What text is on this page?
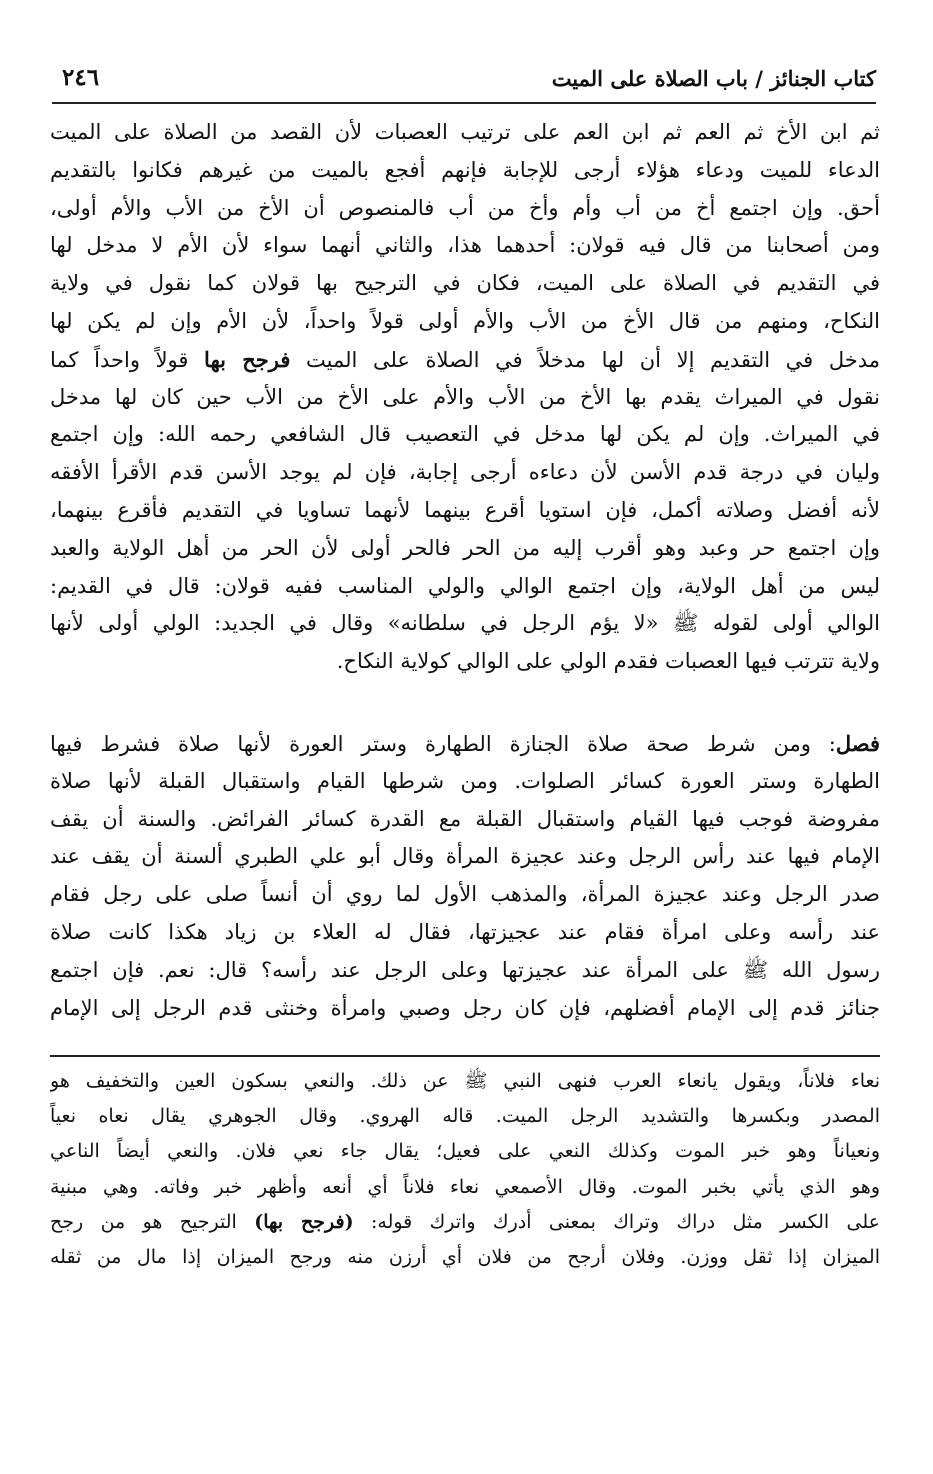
كتاب الجنائز / باب الصلاة على الميت
٢٤٦
ثم ابن الأخ ثم العم ثم ابن العم على ترتيب العصبات لأن القصد من الصلاة على الميت
الدعاء للميت ودعاء هؤلاء أرجى للإجابة فإنهم أفجع بالميت من غيرهم فكانوا بالتقديم
أحق. وإن اجتمع أخ من أب وأم وأخ من أب فالمنصوص أن الأخ من الأب والأم أولى،
ومن أصحابنا من قال فيه قولان: أحدهما هذا، والثاني أنهما سواء لأن الأم لا مدخل لها
في التقديم في الصلاة على الميت، فكان في الترجيح بها قولان كما نقول في ولاية
النكاح، ومنهم من قال الأخ من الأب والأم أولى قولاً واحداً، لأن الأم وإن لم يكن لها
مدخل في التقديم إلا أن لها مدخلاً في الصلاة على الميت فرجح بها قولاً واحداً كما
نقول في الميراث يقدم بها الأخ من الأب والأم على الأخ من الأب حين كان لها مدخل
في الميراث. وإن لم يكن لها مدخل في التعصيب قال الشافعي رحمه الله: وإن اجتمع
وليان في درجة قدم الأسن لأن دعاءه أرجى إجابة، فإن لم يوجد الأسن قدم الأقرأ الأفقه
لأنه أفضل وصلاته أكمل، فإن استويا أقرع بينهما لأنهما تساويا في التقديم فأقرع بينهما،
وإن اجتمع حر وعبد وهو أقرب إليه من الحر فالحر أولى لأن الحر من أهل الولاية والعبد
ليس من أهل الولاية، وإن اجتمع الوالي والولي المناسب ففيه قولان: قال في القديم:
الوالي أولى لقوله ﷺ «لا يؤم الرجل في سلطانه» وقال في الجديد: الولي أولى لأنها
ولاية تترتب فيها العصبات فقدم الولي على الوالي كولاية النكاح.
فصل: ومن شرط صحة صلاة الجنازة الطهارة وستر العورة لأنها صلاة فشرط فيها
الطهارة وستر العورة كسائر الصلوات. ومن شرطها القيام واستقبال القبلة لأنها صلاة
مفروضة فوجب فيها القيام واستقبال القبلة مع القدرة كسائر الفرائض. والسنة أن يقف
الإمام فيها عند رأس الرجل وعند عجيزة المرأة وقال أبو علي الطبري ألسنة أن يقف عند
صدر الرجل وعند عجيزة المرأة، والمذهب الأول لما روي أن أنساً صلى على رجل فقام
عند رأسه وعلى امرأة فقام عند عجيزتها، فقال له العلاء بن زياد هكذا كانت صلاة
رسول الله ﷺ على المرأة عند عجيزتها وعلى الرجل عند رأسه؟ قال: نعم. فإن اجتمع
جنائز قدم إلى الإمام أفضلهم، فإن كان رجل وصبي وامرأة وخنثى قدم الرجل إلى الإمام
نعاء فلاناً، ويقول يانعاء العرب فنهى النبي ﷺ عن ذلك. والنعي بسكون العين والتخفيف هو
المصدر وبكسرها والتشديد الرجل الميت. قاله الهروي. وقال الجوهري يقال نعاه نعياً
ونعياناً وهو خبر الموت وكذلك النعي على فعيل؛ يقال جاء نعي فلان. والنعي أيضاً الناعي
وهو الذي يأتي بخبر الموت. وقال الأصمعي نعاء فلاناً أي أنعه وأظهر خبر وفاته. وهي مبنية
على الكسر مثل دراك وتراك بمعنى أدرك واترك قوله: (فرجح بها) الترجيح هو من رجح
الميزان إذا ثقل ووزن. وفلان أرجح من فلان أي أرزن منه ورجح الميزان إذا مال من ثقله
